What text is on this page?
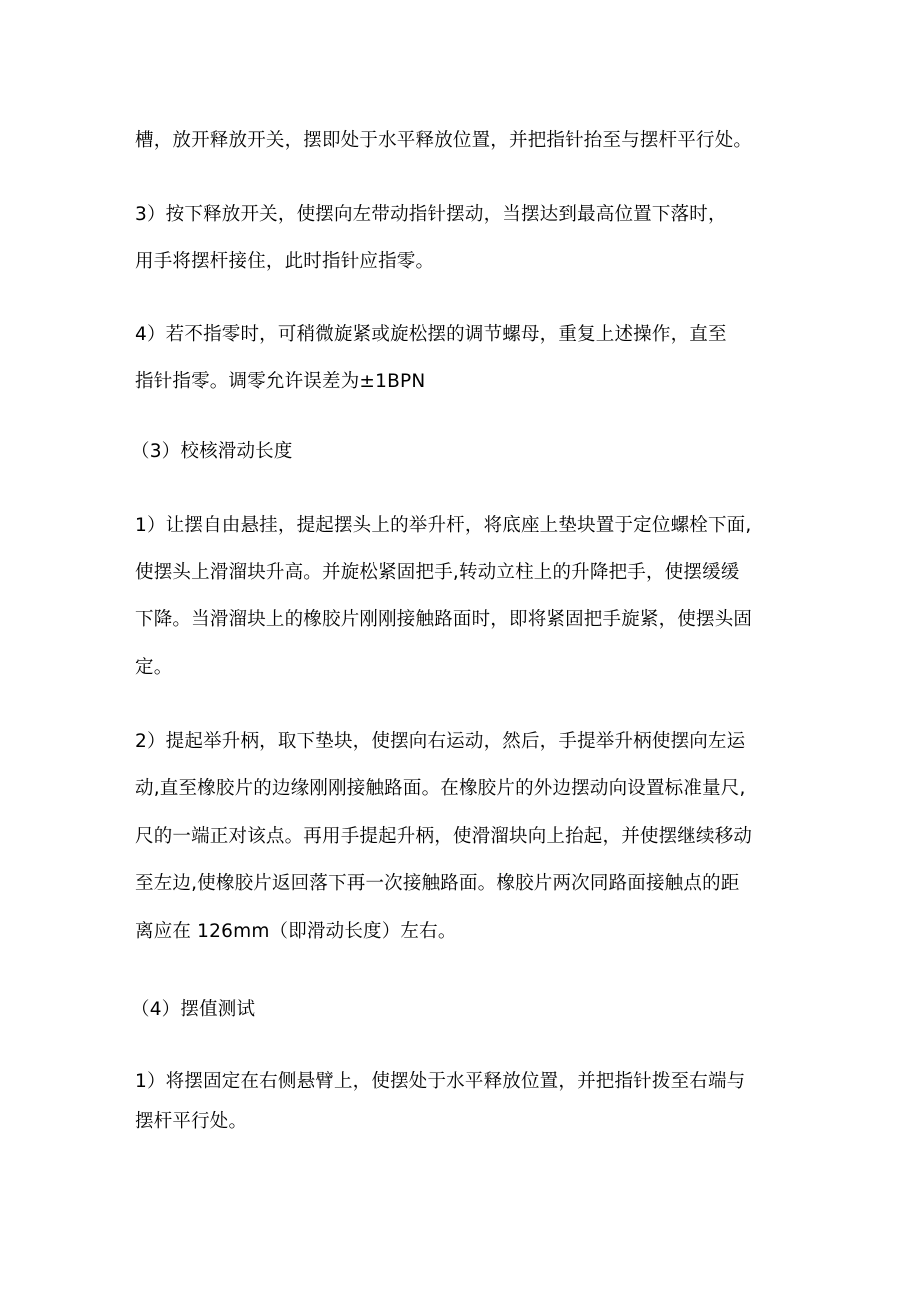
槽，放开释放开关，摆即处于水平释放位置，并把指针抬至与摆杆平行处。
3）按下释放开关，使摆向左带动指针摆动，当摆达到最高位置下落时，
用手将摆杆接住，此时指针应指零。
4）若不指零时，可稍微旋紧或旋松摆的调节螺母，重复上述操作，直至
指针指零。调零允许误差为±1BPN
（3）校核滑动长度
1）让摆自由悬挂，提起摆头上的举升杆，将底座上垫块置于定位螺栓下面,
使摆头上滑溜块升高。并旋松紧固把手,转动立柱上的升降把手，使摆缓缓
下降。当滑溜块上的橡胶片刚刚接触路面时，即将紧固把手旋紧，使摆头固
定。
2）提起举升柄，取下垫块，使摆向右运动，然后，手提举升柄使摆向左运
动,直至橡胶片的边缘刚刚接触路面。在橡胶片的外边摆动向设置标准量尺,
尺的一端正对该点。再用手提起升柄，使滑溜块向上抬起，并使摆继续移动
至左边,使橡胶片返回落下再一次接触路面。橡胶片两次同路面接触点的距
离应在 126mm（即滑动长度）左右。
（4）摆值测试
1）将摆固定在右侧悬臂上，使摆处于水平释放位置，并把指针拨至右端与
摆杆平行处。
